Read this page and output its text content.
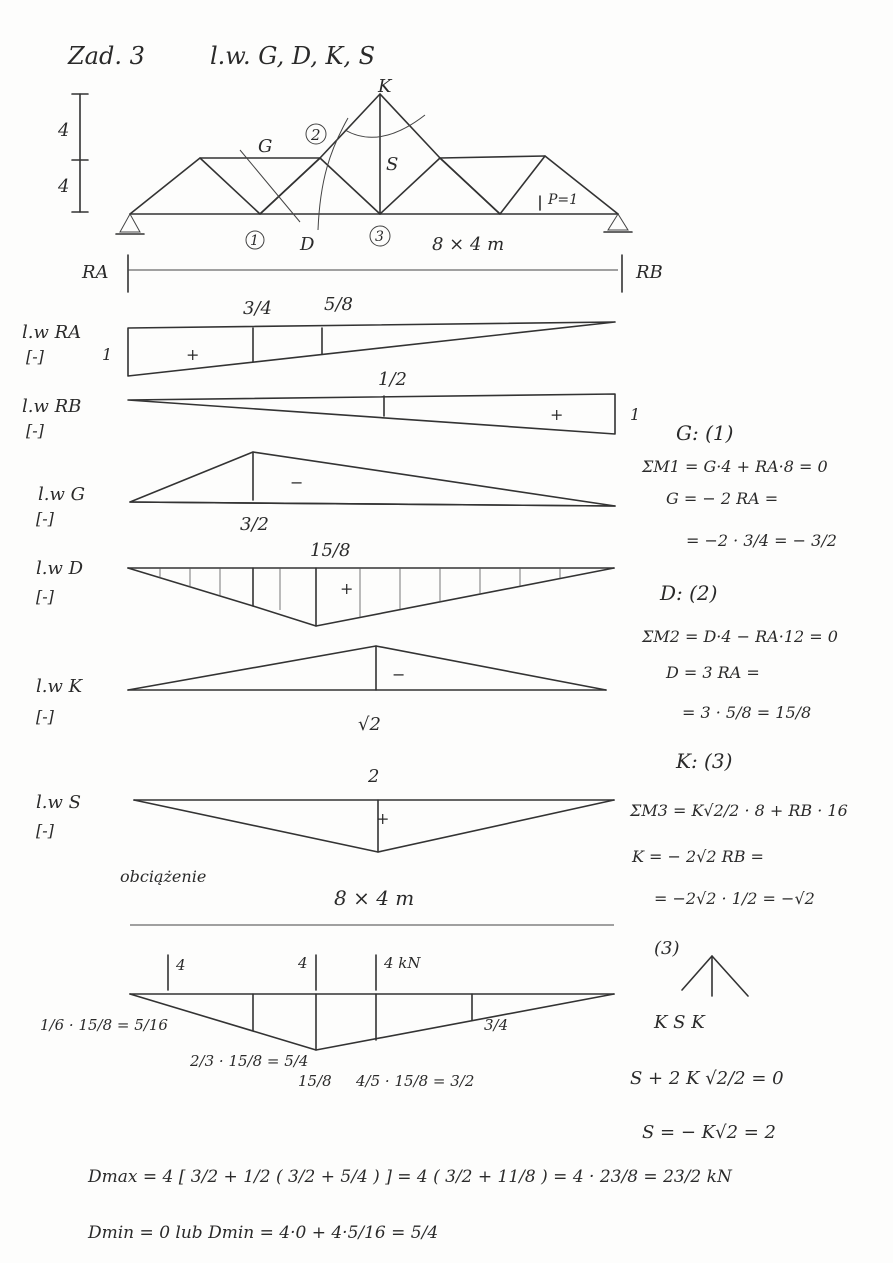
Zad. 3	l.w. G, D, K, S
4
4
K
G
S
D
2
1	3
P=1
8 × 4 m
RA	RB
l.w RA
[-]	1	+
3/4	5/8
l.w RB
[-]
1
+
1/2
l.w G
[-]
−
3/2
l.w D
[-]	+
15/8
l.w K
[-]
−
√2
l.w S
[-]
+
2
obciążenie
8 × 4 m
4	4	4 kN
1/6 · 15/8 = 5/16	3/4
2/3 · 15/8 = 5/4
15/8 4/5 · 15/8 = 3/2
G: (1)
ΣM1 = G·4 + RA·8 = 0
G = − 2 RA =
= −2 · 3/4 = − 3/2
D: (2)
ΣM2 = D·4 − RA·12 = 0
D = 3 RA =
= 3 · 5/8 = 15/8
K: (3)
ΣM3 = K√2/2 · 8 + RB · 16
K = − 2√2 RB =
= −2√2 · 1/2 = −√2
(3)
K S K
S + 2 K √2/2 = 0
S = − K√2 = 2
Dmax = 4 [ 3/2 + 1/2 ( 3/2 + 5/4 ) ] = 4 ( 3/2 + 11/8 ) = 4 · 23/8 = 23/2 kN
Dmin = 0 lub Dmin = 4·0 + 4·5/16 = 5/4
